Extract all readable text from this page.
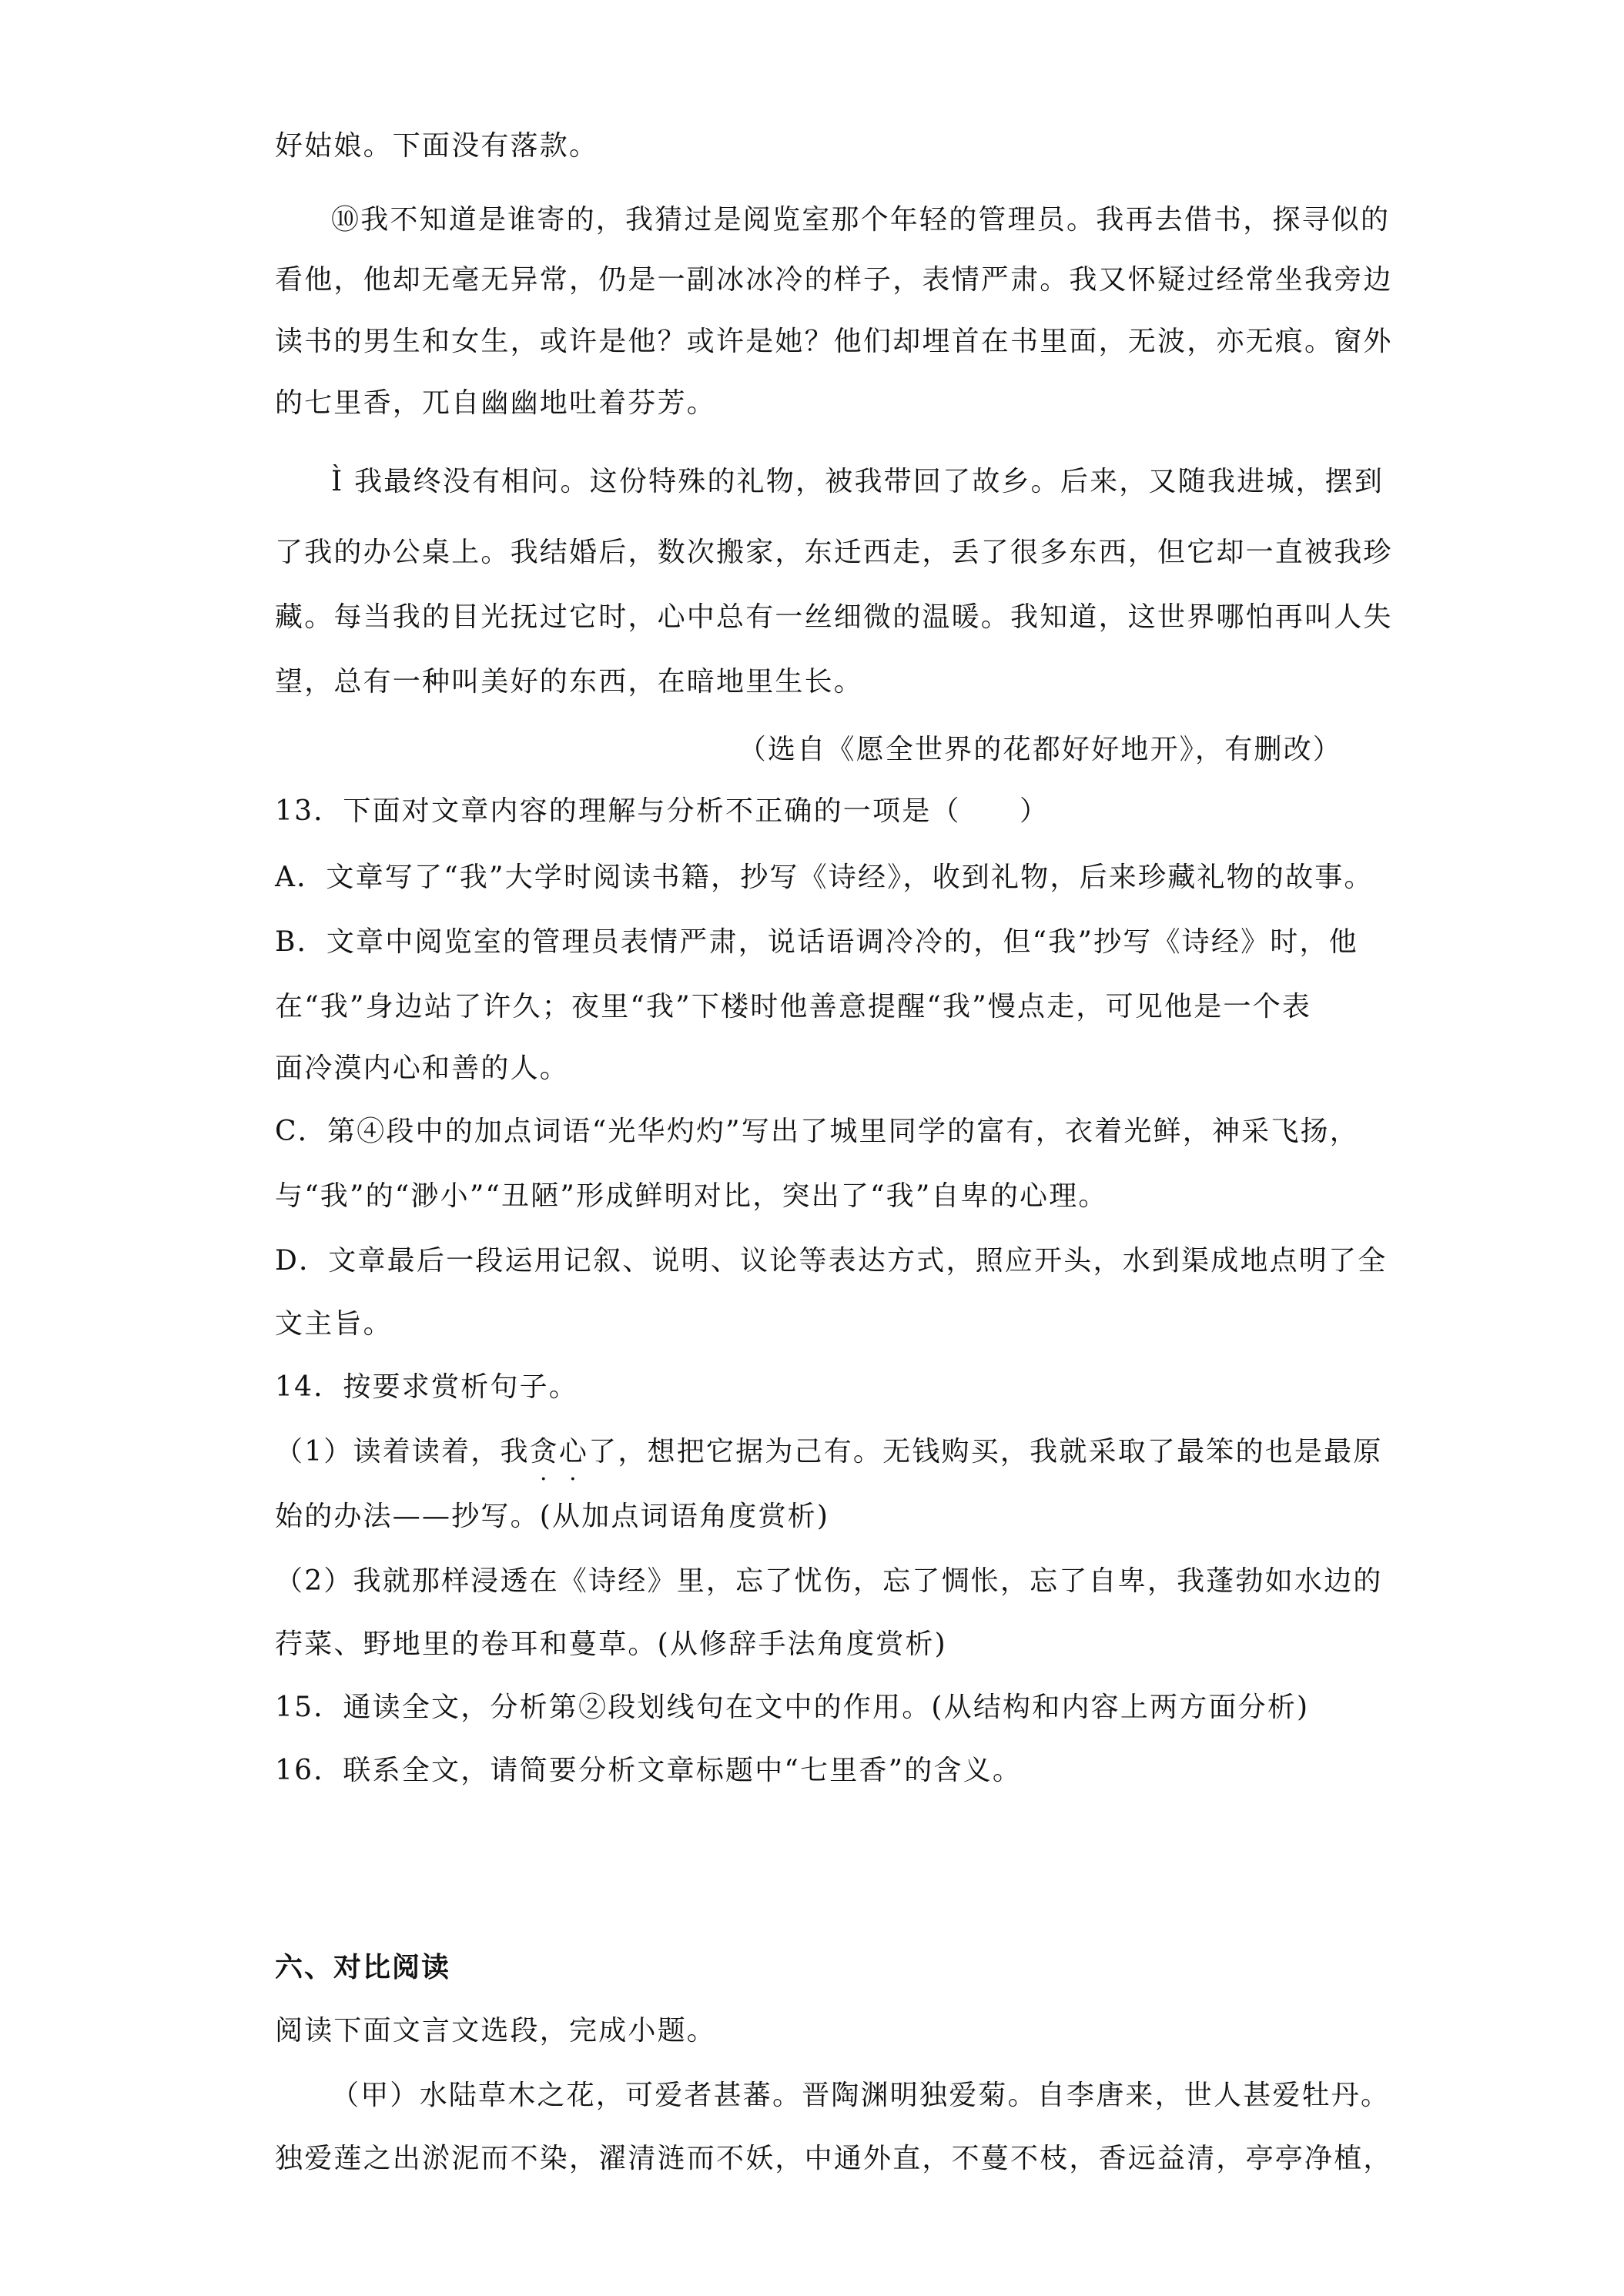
好姑娘。下面没有落款。

⑩我不知道是谁寄的，我猜过是阅览室那个年轻的管理员。我再去借书，探寻似的

看他，他却无毫无异常，仍是一副冰冰冷的样子，表情严肃。我又怀疑过经常坐我旁边

读书的男生和女生，或许是他？或许是她？他们却埋首在书里面，无波，亦无痕。窗外

的七里香，兀自幽幽地吐着芬芳。

Ì 我最终没有相问。这份特殊的礼物，被我带回了故乡。后来，又随我进城，摆到

了我的办公桌上。我结婚后，数次搬家，东迁西走，丢了很多东西，但它却一直被我珍

藏。每当我的目光抚过它时，心中总有一丝细微的温暖。我知道，这世界哪怕再叫人失

望，总有一种叫美好的东西，在暗地里生长。

（选自《愿全世界的花都好好地开》，有删改）

13．下面对文章内容的理解与分析不正确的一项是（　　）

A．文章写了“我”大学时阅读书籍，抄写《诗经》，收到礼物，后来珍藏礼物的故事。

B．文章中阅览室的管理员表情严肃，说话语调冷冷的，但“我”抄写《诗经》时，他

在“我”身边站了许久；夜里“我”下楼时他善意提醒“我”慢点走，可见他是一个表

面冷漠内心和善的人。

C．第④段中的加点词语“光华灼灼”写出了城里同学的富有，衣着光鲜，神采飞扬，

与“我”的“渺小”“丑陋”形成鲜明对比，突出了“我”自卑的心理。

D．文章最后一段运用记叙、说明、议论等表达方式，照应开头，水到渠成地点明了全

文主旨。

14．按要求赏析句子。

（1）读着读着，我贪心了，想把它据为己有。无钱购买，我就采取了最笨的也是最原

始的办法——抄写。(从加点词语角度赏析)

（2）我就那样浸透在《诗经》里，忘了忧伤，忘了惆怅，忘了自卑，我蓬勃如水边的

荇菜、野地里的卷耳和蔓草。(从修辞手法角度赏析)

15．通读全文，分析第②段划线句在文中的作用。(从结构和内容上两方面分析)

16．联系全文，请简要分析文章标题中“七里香”的含义。

六、对比阅读

阅读下面文言文选段，完成小题。

（甲）水陆草木之花，可爱者甚蕃。晋陶渊明独爱菊。自李唐来，世人甚爱牡丹。

独爱莲之出淤泥而不染，濯清涟而不妖，中通外直，不蔓不枝，香远益清，亭亭净植，
